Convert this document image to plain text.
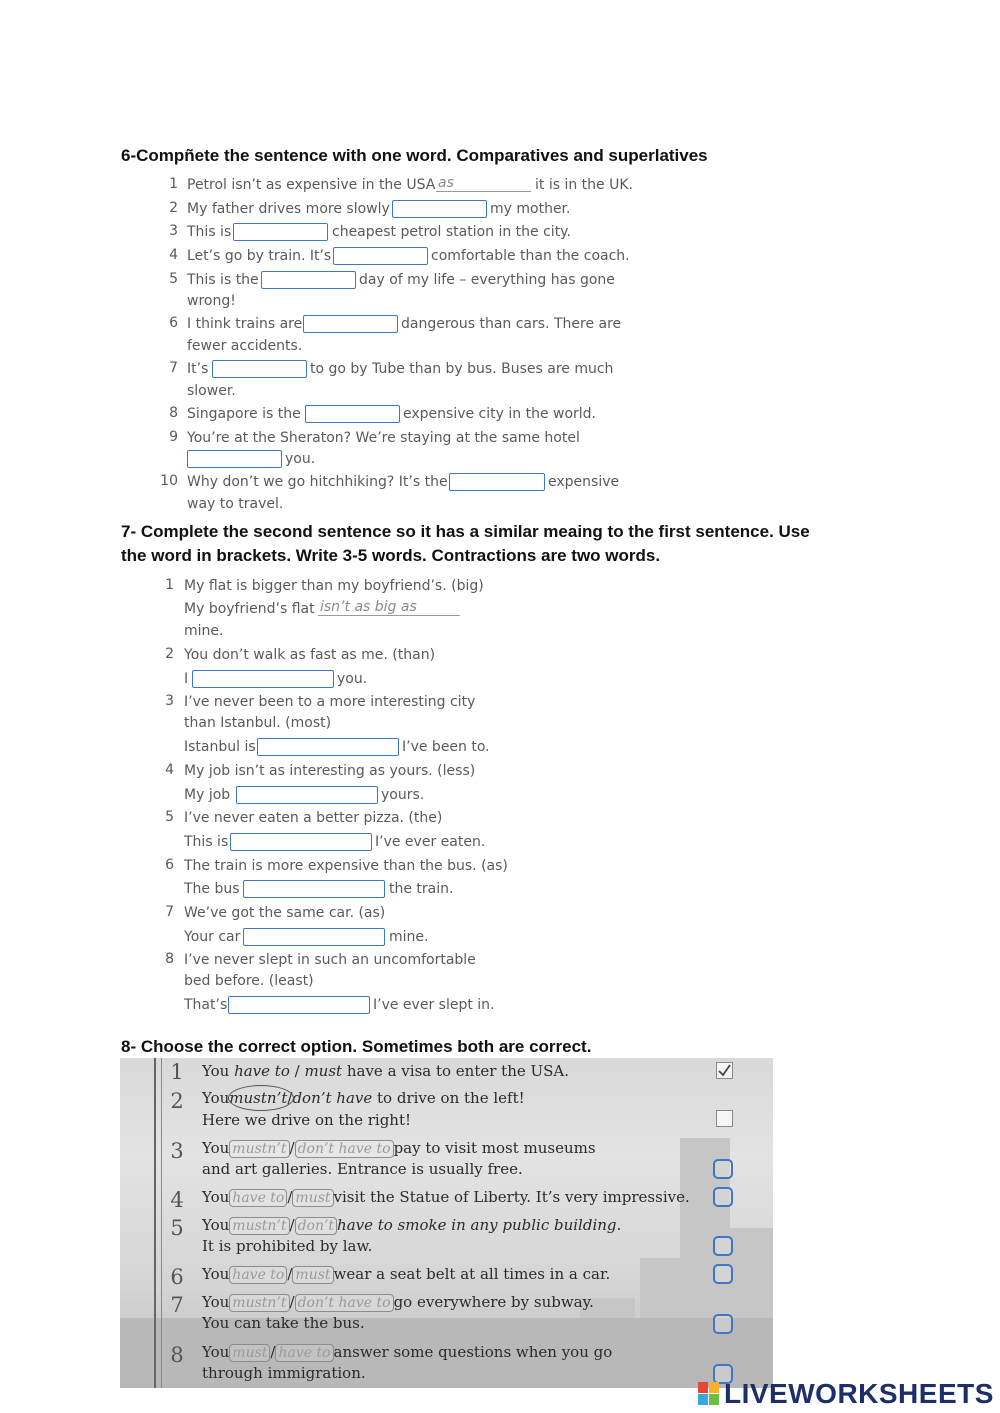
6-Compñete the sentence with one word. Comparatives and superlatives
1 Petrol isn’t as expensive in the USA as	it is in the UK.
2 My father drives more slowly	my mother.
3 This is	cheapest petrol station in the city.
4 Let’s go by train. It’s	comfortable than the coach.
5 This is the	day of my life – everything has gone
wrong!
6 I think trains are	dangerous than cars. There are
fewer accidents.
7 It’s	to go by Tube than by bus. Buses are much
slower.
8 Singapore is the	expensive city in the world.
9 You’re at the Sheraton? We’re staying at the same hotel
you.
10 Why don’t we go hitchhiking? It’s the	expensive
way to travel.
7- Complete the second sentence so it has a similar meaing to the first sentence. Use
the word in brackets. Write 3-5 words. Contractions are two words.
1 My flat is bigger than my boyfriend’s. (big)
My boyfriend’s flat isn’t as big as
mine.
2 You don’t walk as fast as me. (than)
I	you.
3 I’ve never been to a more interesting city
than Istanbul. (most)
Istanbul is	I’ve been to.
4 My job isn’t as interesting as yours. (less)
My job	yours.
5 I’ve never eaten a better pizza. (the)
This is	I’ve ever eaten.
6 The train is more expensive than the bus. (as)
The bus	the train.
7 We’ve got the same car. (as)
Your car	mine.
8 I’ve never slept in such an uncomfortable
bed before. (least)
That’s	I’ve ever slept in.
8- Choose the correct option. Sometimes both are correct.
1	You have to / must have a visa to enter the USA.
2	Youmustn’t/don’t have to drive on the left!
Here we drive on the right!
3	You mustn’t / don’t have to pay to visit most museums
and art galleries. Entrance is usually free.
4	You have to / must visit the Statue of Liberty. It’s very impressive.
5	You mustn’t / don’t have to smoke in any public building.
It is prohibited by law.
6	You have to / must wear a seat belt at all times in a car.
7	You mustn’t / don’t have to go everywhere by subway.
You can take the bus.
8	You must / have to answer some questions when you go
through immigration.
LIVEWORKSHEETS
